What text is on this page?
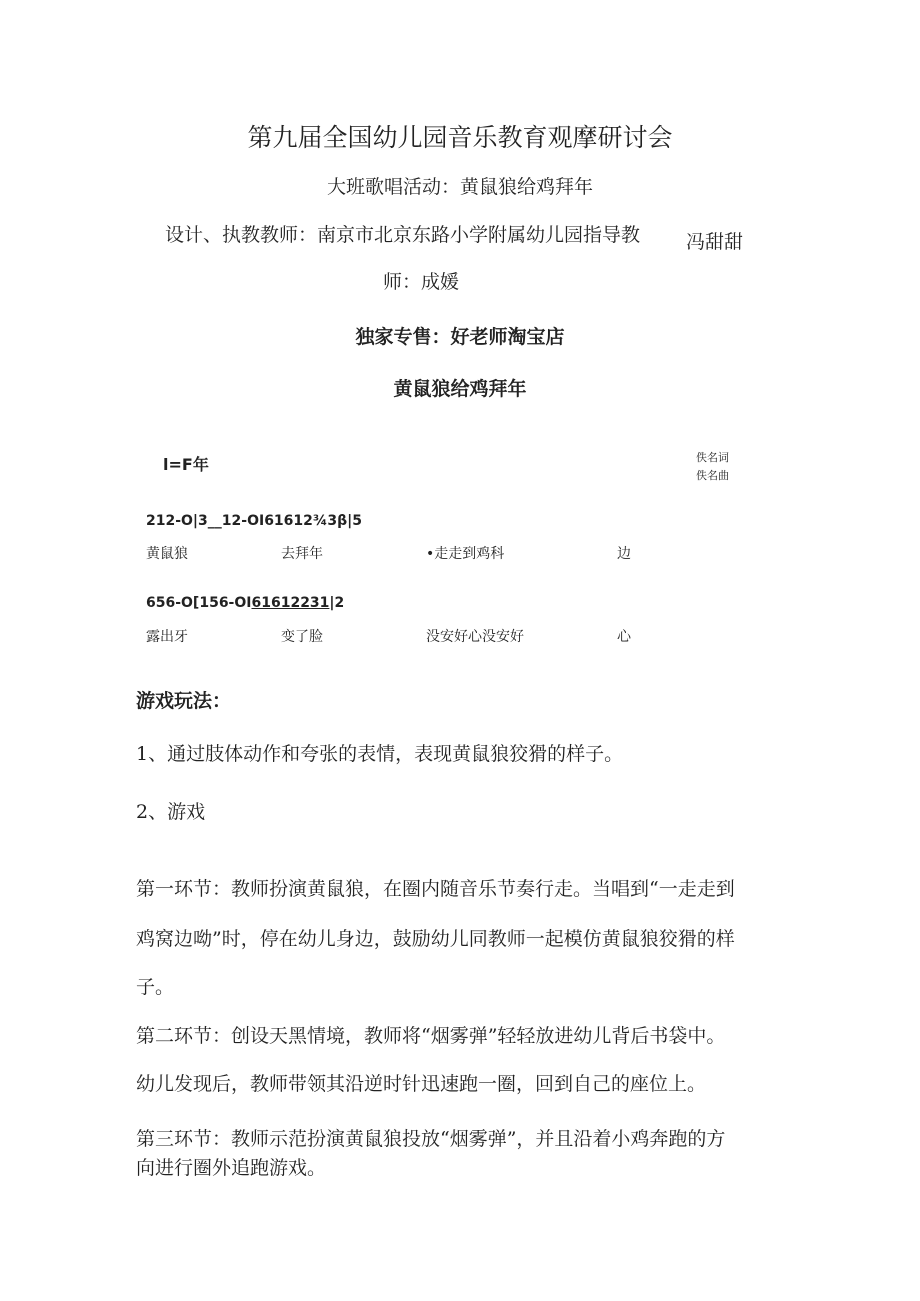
第九届全国幼儿园音乐教育观摩研讨会
大班歌唱活动：黄鼠狼给鸡拜年
设计、执教教师：南京市北京东路小学附属幼儿园指导教 冯甜甜
师：成媛
独家专售：好老师淘宝店
黄鼠狼给鸡拜年
l=F年	佚名词
佚名曲
212-O|3__12-OI61612¾3β|5
黄鼠狼	去拜年	•走走到鸡科	边
656-O[156-OI61612231|2
露出牙	变了脸	没安好心没安好	心
游戏玩法：
1、通过肢体动作和夸张的表情，表现黄鼠狼狡猾的样子。
2、游戏
第一环节：教师扮演黄鼠狼，在圈内随音乐节奏行走。当唱到“一走走到
鸡窝边呦”时，停在幼儿身边，鼓励幼儿同教师一起模仿黄鼠狼狡猾的样
子。
第二环节：创设天黑情境，教师将“烟雾弹”轻轻放进幼儿背后书袋中。
幼儿发现后，教师带领其沿逆时针迅速跑一圈，回到自己的座位上。
第三环节：教师示范扮演黄鼠狼投放“烟雾弹”，并且沿着小鸡奔跑的方
向进行圈外追跑游戏。
